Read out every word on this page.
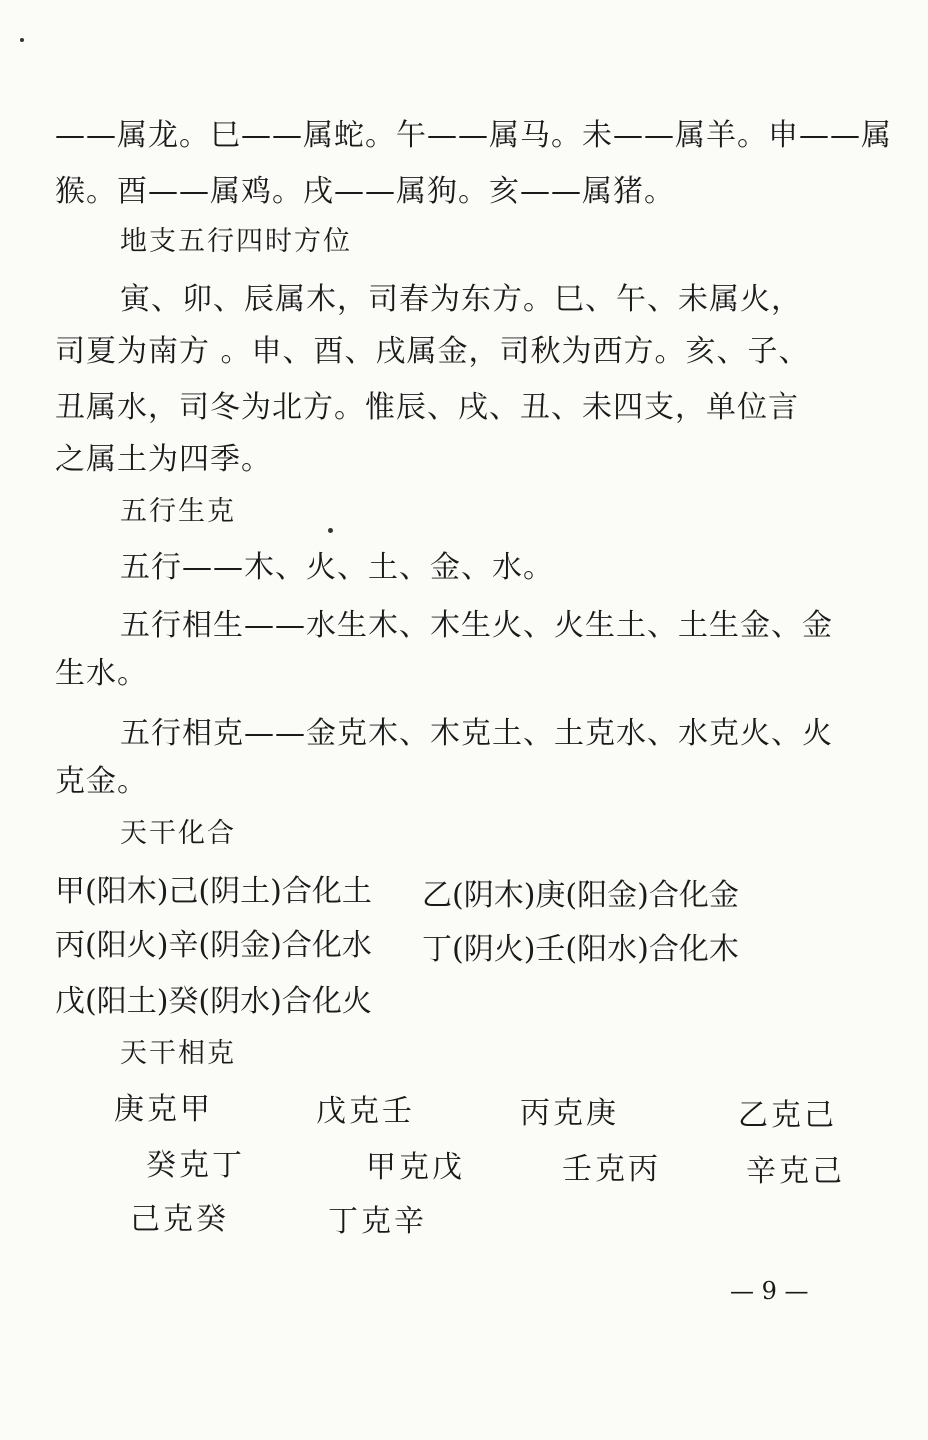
——属龙。巳——属蛇。午——属马。未——属羊。申——属
猴。酉——属鸡。戌——属狗。亥——属猪。
地支五行四时方位
寅、卯、辰属木，司春为东方。巳、午、未属火，
司夏为南方 。申、酉、戌属金，司秋为西方。亥、子、
丑属水，司冬为北方。惟辰、戌、丑、未四支，单位言
之属土为四季。
五行生克
五行——木、火、土、金、水。
五行相生——水生木、木生火、火生土、土生金、金
生水。
五行相克——金克木、木克土、土克水、水克火、火
克金。
天干化合
甲(阳木)己(阴土)合化土 乙(阴木)庚(阳金)合化金
丙(阳火)辛(阴金)合化水 丁(阴火)壬(阳水)合化木
戊(阳土)癸(阴水)合化火
天干相克
庚克甲	戊克壬	丙克庚	乙克己
癸克丁	甲克戊	壬克丙	辛克己
己克癸	丁克辛
— 9 —
